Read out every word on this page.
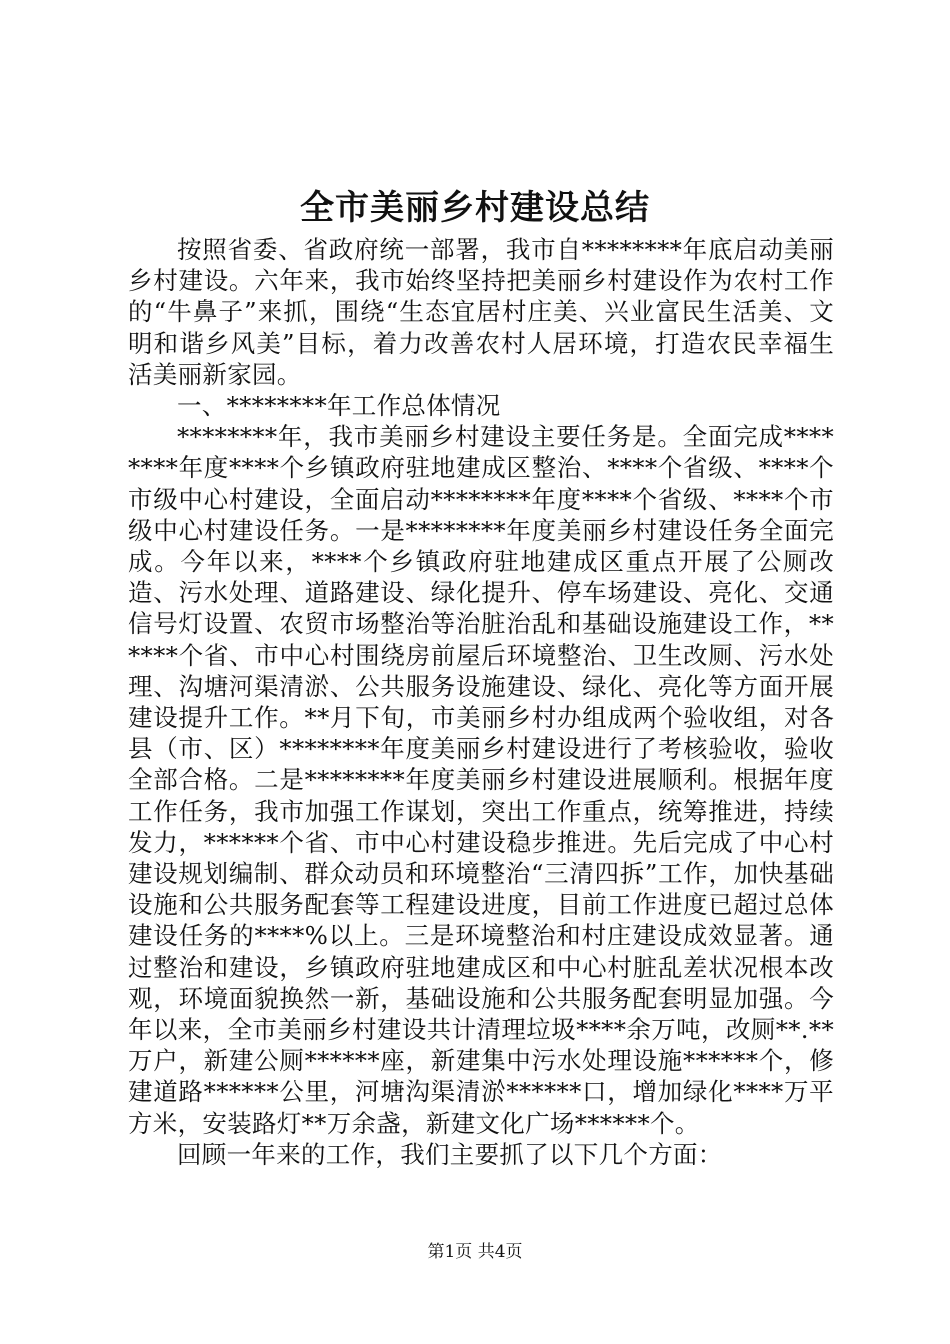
全市美丽乡村建设总结

按照省委、省政府统一部署，我市自********年底启动美丽乡村建设。六年来，我市始终坚持把美丽乡村建设作为农村工作的“牛鼻子”来抓，围绕“生态宜居村庄美、兴业富民生活美、文明和谐乡风美”目标，着力改善农村人居环境，打造农民幸福生活美丽新家园。

一、********年工作总体情况

********年，我市美丽乡村建设主要任务是。全面完成********年度****个乡镇政府驻地建成区整治、****个省级、****个市级中心村建设，全面启动********年度****个省级、****个市级中心村建设任务。一是********年度美丽乡村建设任务全面完成。今年以来，****个乡镇政府驻地建成区重点开展了公厕改造、污水处理、道路建设、绿化提升、停车场建设、亮化、交通信号灯设置、农贸市场整治等治脏治乱和基础设施建设工作，******个省、市中心村围绕房前屋后环境整治、卫生改厕、污水处理、沟塘河渠清淤、公共服务设施建设、绿化、亮化等方面开展建设提升工作。**月下旬，市美丽乡村办组成两个验收组，对各县（市、区）********年度美丽乡村建设进行了考核验收，验收全部合格。二是********年度美丽乡村建设进展顺利。根据年度工作任务，我市加强工作谋划，突出工作重点，统筹推进，持续发力，******个省、市中心村建设稳步推进。先后完成了中心村建设规划编制、群众动员和环境整治“三清四拆”工作，加快基础设施和公共服务配套等工程建设进度，目前工作进度已超过总体建设任务的****%以上。三是环境整治和村庄建设成效显著。通过整治和建设，乡镇政府驻地建成区和中心村脏乱差状况根本改观，环境面貌换然一新，基础设施和公共服务配套明显加强。今年以来，全市美丽乡村建设共计清理垃圾****余万吨，改厕**.**万户，新建公厕******座，新建集中污水处理设施******个，修建道路******公里，河塘沟渠清淤******口，增加绿化****万平方米，安装路灯**万余盏，新建文化广场******个。

回顾一年来的工作，我们主要抓了以下几个方面：

第1页 共4页
